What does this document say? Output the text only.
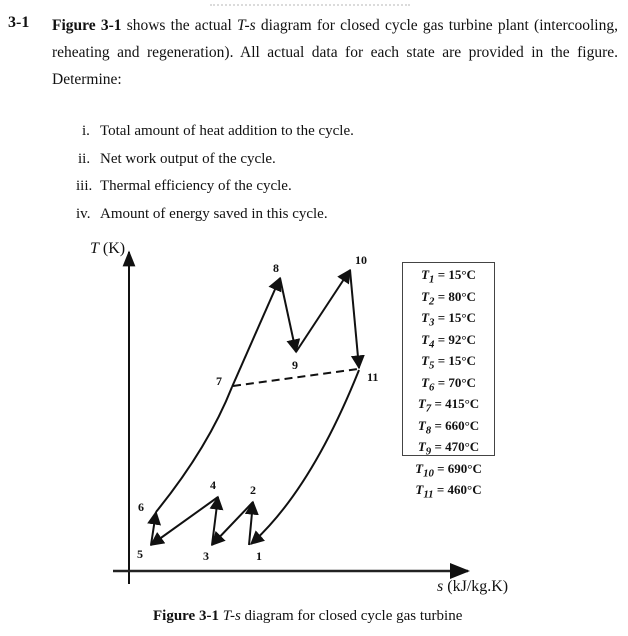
3-1 Figure 3-1 shows the actual T-s diagram for closed cycle gas turbine plant (intercooling, reheating and regeneration). All actual data for each state are provided in the figure. Determine:
i. Total amount of heat addition to the cycle.
ii. Net work output of the cycle.
iii. Thermal efficiency of the cycle.
iv. Amount of energy saved in this cycle.
T (K)
1
2
3
4
5
6
7
8
9
10
11
$T_1 = 15^\circ C$
$T_2 = 80^\circ C$
$T_3 = 15^\circ C$
$T_4 = 92^\circ C$
$T_5 = 15^\circ C$
$T_6 = 70^\circ C$
$T_7 = 415^\circ C$
$T_8 = 660^\circ C$
$T_9 = 470^\circ C$
$T_{10} = 690^\circ C$
$T_{11} = 460^\circ C$
s (kJ/kg.K)
Figure 3-1 T-s diagram for closed cycle gas turbine
